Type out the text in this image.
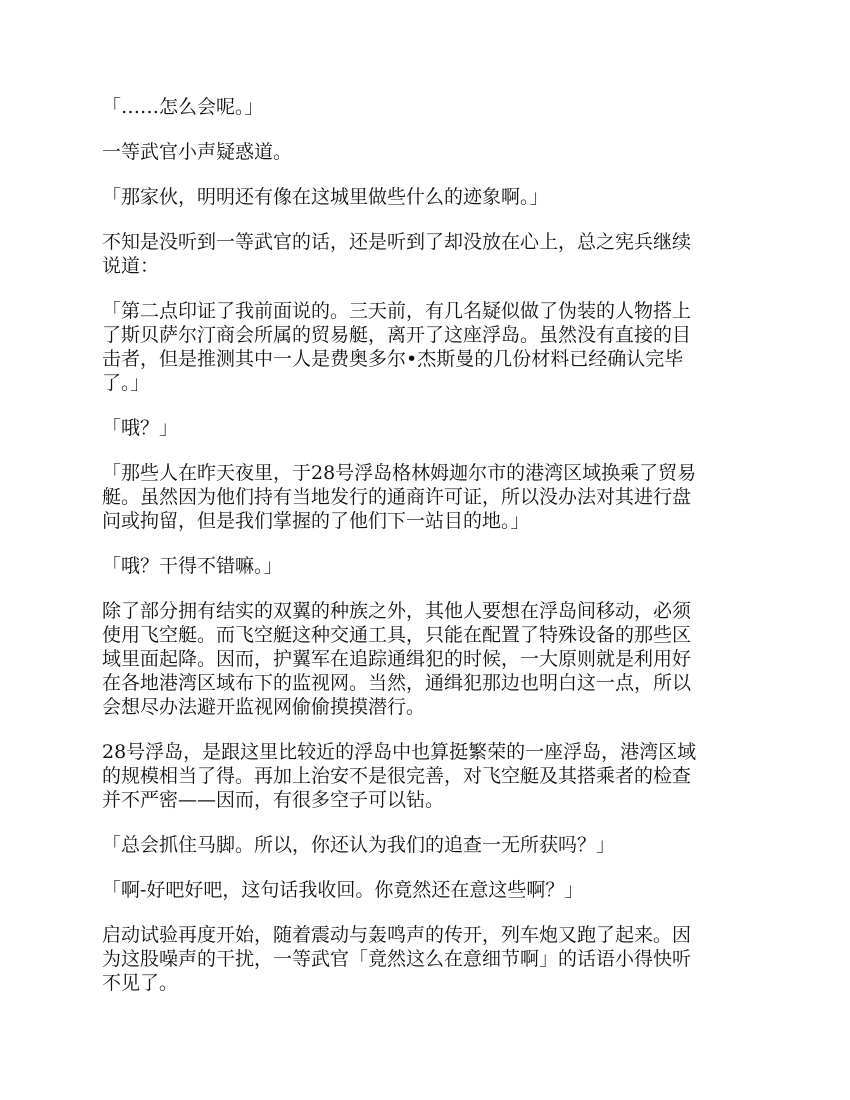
「……怎么会呢。」

一等武官小声疑惑道。

「那家伙，明明还有像在这城里做些什么的迹象啊。」

不知是没听到一等武官的话，还是听到了却没放在心上，总之宪兵继续
说道：

「第二点印证了我前面说的。三天前，有几名疑似做了伪装的人物搭上
了斯贝萨尔汀商会所属的贸易艇，离开了这座浮岛。虽然没有直接的目
击者，但是推测其中一人是费奥多尔•杰斯曼的几份材料已经确认完毕
了。」

「哦？」

「那些人在昨天夜里，于28号浮岛格林姆迦尔市的港湾区域换乘了贸易
艇。虽然因为他们持有当地发行的通商许可证，所以没办法对其进行盘
问或拘留，但是我们掌握的了他们下一站目的地。」

「哦？干得不错嘛。」

除了部分拥有结实的双翼的种族之外，其他人要想在浮岛间移动，必须
使用飞空艇。而飞空艇这种交通工具，只能在配置了特殊设备的那些区
域里面起降。因而，护翼军在追踪通缉犯的时候，一大原则就是利用好
在各地港湾区域布下的监视网。当然，通缉犯那边也明白这一点，所以
会想尽办法避开监视网偷偷摸摸潜行。

28号浮岛，是跟这里比较近的浮岛中也算挺繁荣的一座浮岛，港湾区域
的规模相当了得。再加上治安不是很完善，对飞空艇及其搭乘者的检查
并不严密——因而，有很多空子可以钻。

「总会抓住马脚。所以，你还认为我们的追查一无所获吗？」

「啊-好吧好吧，这句话我收回。你竟然还在意这些啊？」

启动试验再度开始，随着震动与轰鸣声的传开，列车炮又跑了起来。因
为这股噪声的干扰，一等武官「竟然这么在意细节啊」的话语小得快听
不见了。
